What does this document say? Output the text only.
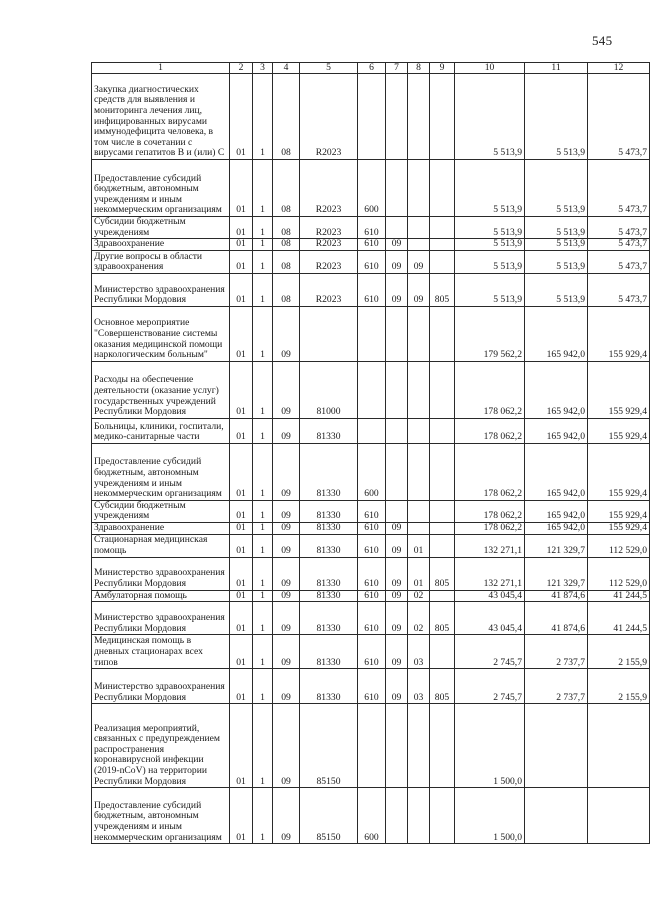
545
1	2	3	4	5	6	7	8	9	10	11	12
Закупка диагностических средств для выявления и мониторинга лечения лиц, инфицированных вирусами иммунодефицита человека, в том числе в сочетании с вирусами гепатитов В и (или) С	01	1	08	R2023					5 513,9	5 513,9	5 473,7
Предоставление субсидий бюджетным, автономным учреждениям и иным некоммерческим организациям	01	1	08	R2023	600				5 513,9	5 513,9	5 473,7
Субсидии бюджетным учреждениям	01	1	08	R2023	610				5 513,9	5 513,9	5 473,7
Здравоохранение	01	1	08	R2023	610	09			5 513,9	5 513,9	5 473,7
Другие вопросы в области здравоохранения	01	1	08	R2023	610	09	09		5 513,9	5 513,9	5 473,7
Министерство здравоохранения Республики Мордовия	01	1	08	R2023	610	09	09	805	5 513,9	5 513,9	5 473,7
Основное мероприятие "Совершенствование системы оказания медицинской помощи наркологическим больным"	01	1	09						179 562,2	165 942,0	155 929,4
Расходы на обеспечение деятельности (оказание услуг) государственных учреждений Республики Мордовия	01	1	09	81000					178 062,2	165 942,0	155 929,4
Больницы, клиники, госпитали, медико-санитарные части	01	1	09	81330					178 062,2	165 942,0	155 929,4
Предоставление субсидий бюджетным, автономным учреждениям и иным некоммерческим организациям	01	1	09	81330	600				178 062,2	165 942,0	155 929,4
Субсидии бюджетным учреждениям	01	1	09	81330	610				178 062,2	165 942,0	155 929,4
Здравоохранение	01	1	09	81330	610	09			178 062,2	165 942,0	155 929,4
Стационарная медицинская помощь	01	1	09	81330	610	09	01		132 271,1	121 329,7	112 529,0
Министерство здравоохранения Республики Мордовия	01	1	09	81330	610	09	01	805	132 271,1	121 329,7	112 529,0
Амбулаторная помощь	01	1	09	81330	610	09	02		43 045,4	41 874,6	41 244,5
Министерство здравоохранения Республики Мордовия	01	1	09	81330	610	09	02	805	43 045,4	41 874,6	41 244,5
Медицинская помощь в дневных стационарах всех типов	01	1	09	81330	610	09	03		2 745,7	2 737,7	2 155,9
Министерство здравоохранения Республики Мордовия	01	1	09	81330	610	09	03	805	2 745,7	2 737,7	2 155,9
Реализация мероприятий, связанных с предупреждением распространения коронавирусной инфекции (2019-nCoV) на территории Республики Мордовия	01	1	09	85150					1 500,0		
Предоставление субсидий бюджетным, автономным учреждениям и иным некоммерческим организациям	01	1	09	85150	600				1 500,0		
